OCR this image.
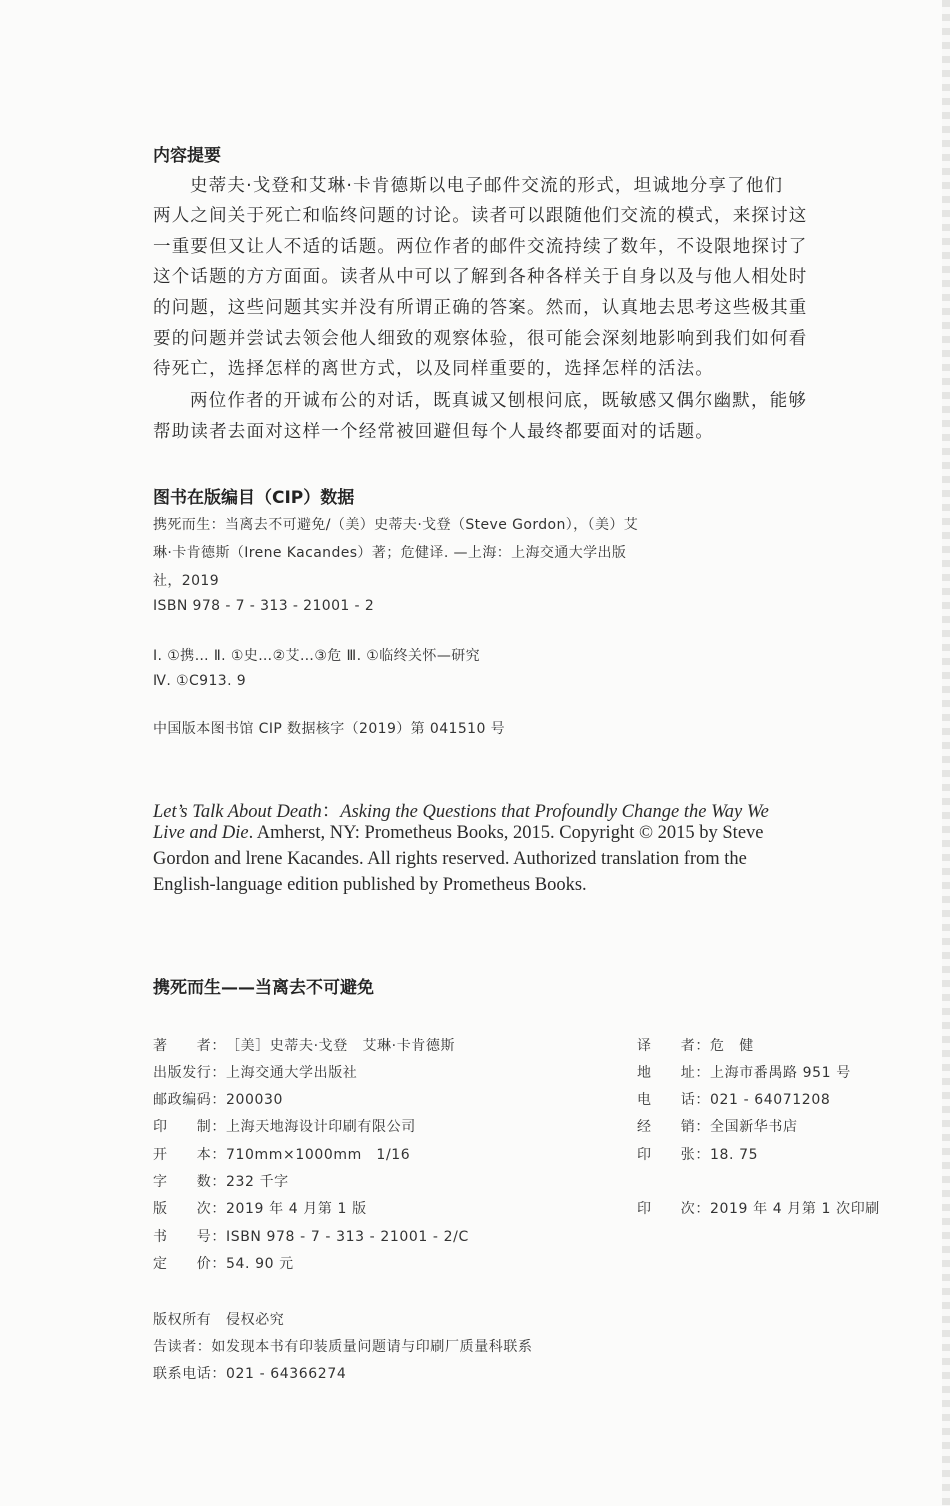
内容提要
史蒂夫·戈登和艾琳·卡肯德斯以电子邮件交流的形式，坦诚地分享了他们
两人之间关于死亡和临终问题的讨论。读者可以跟随他们交流的模式，来探讨这
一重要但又让人不适的话题。两位作者的邮件交流持续了数年，不设限地探讨了
这个话题的方方面面。读者从中可以了解到各种各样关于自身以及与他人相处时
的问题，这些问题其实并没有所谓正确的答案。然而，认真地去思考这些极其重
要的问题并尝试去领会他人细致的观察体验，很可能会深刻地影响到我们如何看
待死亡，选择怎样的离世方式，以及同样重要的，选择怎样的活法。
两位作者的开诚布公的对话，既真诚又刨根问底，既敏感又偶尔幽默，能够
帮助读者去面对这样一个经常被回避但每个人最终都要面对的话题。
图书在版编目（CIP）数据
携死而生：当离去不可避免/（美）史蒂夫·戈登（Steve Gordon），（美）艾
琳·卡肯德斯（Irene Kacandes）著；危健译. —上海：上海交通大学出版
社，2019
ISBN 978 - 7 - 313 - 21001 - 2
Ⅰ. ①携… Ⅱ. ①史…②艾…③危 Ⅲ. ①临终关怀—研究
Ⅳ. ①C913. 9
中国版本图书馆 CIP 数据核字（2019）第 041510 号
Let’s Talk About Death：Asking the Questions that Profoundly Change the Way We
Live and Die. Amherst, NY: Prometheus Books, 2015. Copyright © 2015 by Steve
Gordon and lrene Kacandes. All rights reserved. Authorized translation from the
English-language edition published by Prometheus Books.
携死而生——当离去不可避免
著　　者：［美］史蒂夫·戈登　艾琳·卡肯德斯
出版发行：上海交通大学出版社
邮政编码：200030
印　　制：上海天地海设计印刷有限公司
开　　本：710mm×1000mm　1/16
字　　数：232 千字
版　　次：2019 年 4 月第 1 版
书　　号：ISBN 978 - 7 - 313 - 21001 - 2/C
定　　价：54. 90 元
译　　者：危　健
地　　址：上海市番禺路 951 号
电　　话：021 - 64071208
经　　销：全国新华书店
印　　张：18. 75
印　　次：2019 年 4 月第 1 次印刷
版权所有　侵权必究
告读者：如发现本书有印装质量问题请与印刷厂质量科联系
联系电话：021 - 64366274
